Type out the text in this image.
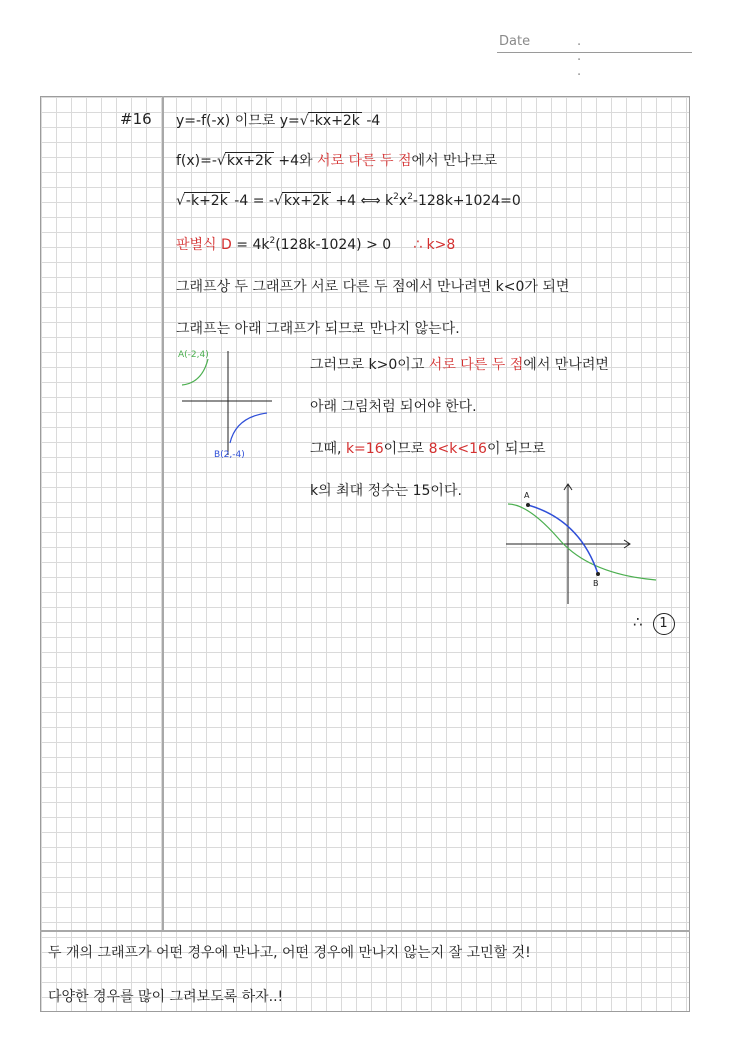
Date	. . .
#16 y=-f(-x) 이므로 y=√-kx+2k -4
f(x)=-√kx+2k +4와 서로 다른 두 점에서 만나므로
√-k+2k -4 = -√kx+2k +4 ⟺ $k^2x^2-128k+1024=0$
판별식 $D = 4k^2(128k-1024) > 0$ ∴ k>8
그래프상 두 그래프가 서로 다른 두 점에서 만나려면 k<0가 되면
그래프는 아래 그래프가 되므로 만나지 않는다.
A(-2,4)
B(2,-4)
그러므로 k>0이고 서로 다른 두 점에서 만나려면
아래 그림처럼 되어야 한다.
그때, k=16이므로 8<k<16이 되므로
k의 최대 정수는 15이다.	A
B
∴ 1
두 개의 그래프가 어떤 경우에 만나고, 어떤 경우에 만나지 않는지 잘 고민할 것!
다양한 경우를 많이 그려보도록 하자..!
